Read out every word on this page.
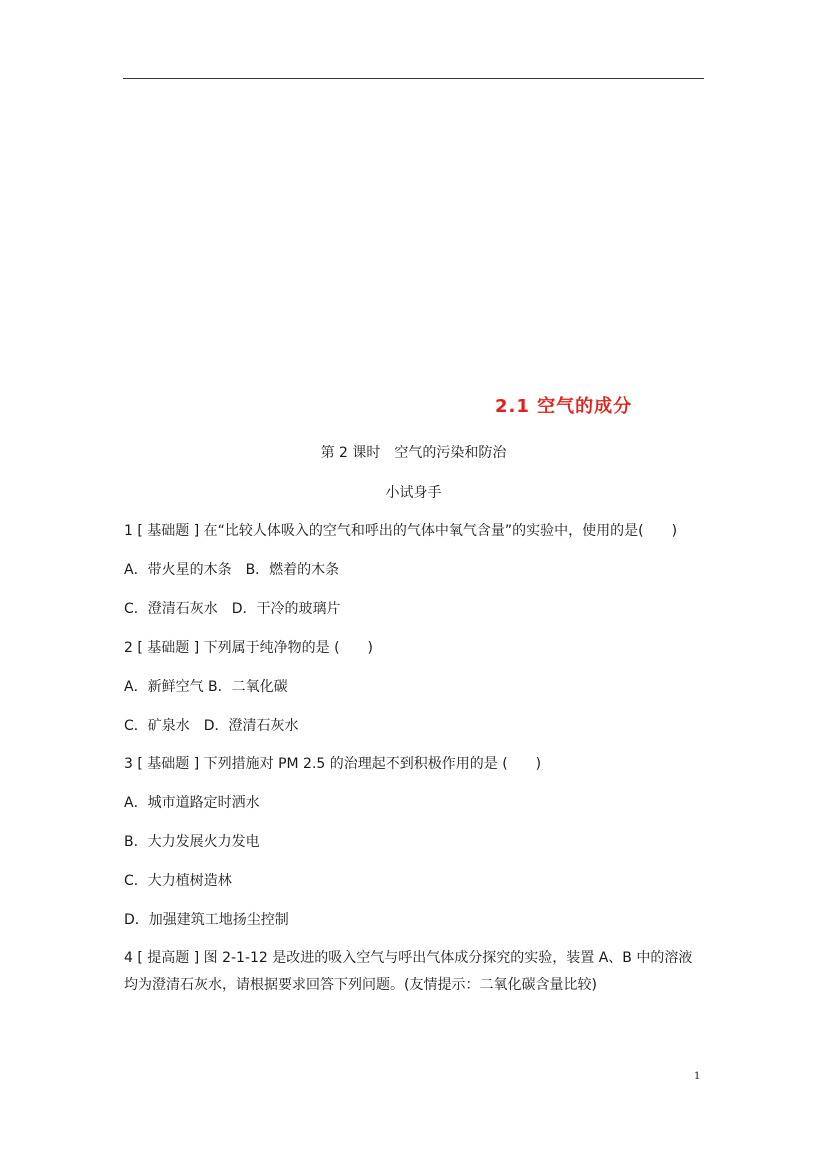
2.1 空气的成分
第 2 课时　空气的污染和防治
小试身手
1 [ 基础题 ] 在“比较人体吸入的空气和呼出的气体中氧气含量”的实验中，使用的是(　　)
A．带火星的木条　B．燃着的木条
C．澄清石灰水　D．干冷的玻璃片
2 [ 基础题 ] 下列属于纯净物的是 (　　)
A．新鲜空气 B．二氧化碳
C．矿泉水　D．澄清石灰水
3 [ 基础题 ] 下列措施对 PM 2.5 的治理起不到积极作用的是 (　　)
A．城市道路定时洒水
B．大力发展火力发电
C．大力植树造林
D．加强建筑工地扬尘控制
4 [ 提高题 ] 图 2-1-12 是改进的吸入空气与呼出气体成分探究的实验，装置 A、B 中的溶液
均为澄清石灰水，请根据要求回答下列问题。(友情提示：二氧化碳含量比较)
1
